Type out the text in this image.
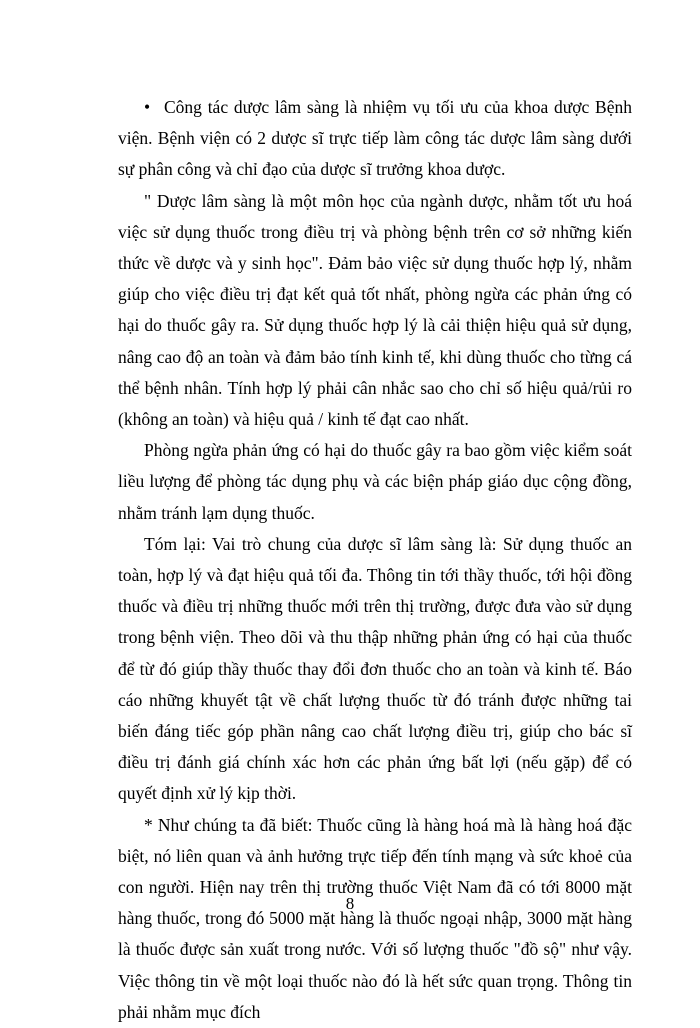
• Công tác dược lâm sàng là nhiệm vụ tối ưu của khoa dược Bệnh viện. Bệnh viện có 2 dược sĩ trực tiếp làm công tác dược lâm sàng dưới sự phân công và chỉ đạo của dược sĩ trưởng khoa dược.

" Dược lâm sàng là một môn học của ngành dược, nhằm tốt ưu hoá việc sử dụng thuốc trong điều trị và phòng bệnh trên cơ sở những kiến thức về dược và y sinh học". Đảm bảo việc sử dụng thuốc hợp lý, nhằm giúp cho việc điều trị đạt kết quả tốt nhất, phòng ngừa các phản ứng có hại do thuốc gây ra. Sử dụng thuốc hợp lý là cải thiện hiệu quả sử dụng, nâng cao độ an toàn và đảm bảo tính kinh tế, khi dùng thuốc cho từng cá thể bệnh nhân. Tính hợp lý phải cân nhắc sao cho chỉ số hiệu quả/rủi ro (không an toàn) và hiệu quả / kinh tế đạt cao nhất.

Phòng ngừa phản ứng có hại do thuốc gây ra bao gồm việc kiểm soát liều lượng để phòng tác dụng phụ và các biện pháp giáo dục cộng đồng, nhằm tránh lạm dụng thuốc.

Tóm lại: Vai trò chung của dược sĩ lâm sàng là: Sử dụng thuốc an toàn, hợp lý và đạt hiệu quả tối đa. Thông tin tới thầy thuốc, tới hội đồng thuốc và điều trị những thuốc mới trên thị trường, được đưa vào sử dụng trong bệnh viện. Theo dõi và thu thập những phản ứng có hại của thuốc để từ đó giúp thầy thuốc thay đổi đơn thuốc cho an toàn và kinh tế. Báo cáo những khuyết tật về chất lượng thuốc từ đó tránh được những tai biến đáng tiếc góp phần nâng cao chất lượng điều trị, giúp cho bác sĩ điều trị đánh giá chính xác hơn các phản ứng bất lợi (nếu gặp) để có quyết định xử lý kịp thời.

* Như chúng ta đã biết: Thuốc cũng là hàng hoá mà là hàng hoá đặc biệt, nó liên quan và ảnh hưởng trực tiếp đến tính mạng và sức khoẻ của con người. Hiện nay trên thị trường thuốc Việt Nam đã có tới 8000 mặt hàng thuốc, trong đó 5000 mặt hàng là thuốc ngoại nhập, 3000 mặt hàng là thuốc được sản xuất trong nước. Với số lượng thuốc "đồ sộ" như vậy. Việc thông tin về một loại thuốc nào đó là hết sức quan trọng. Thông tin phải nhằm mục đích

8
